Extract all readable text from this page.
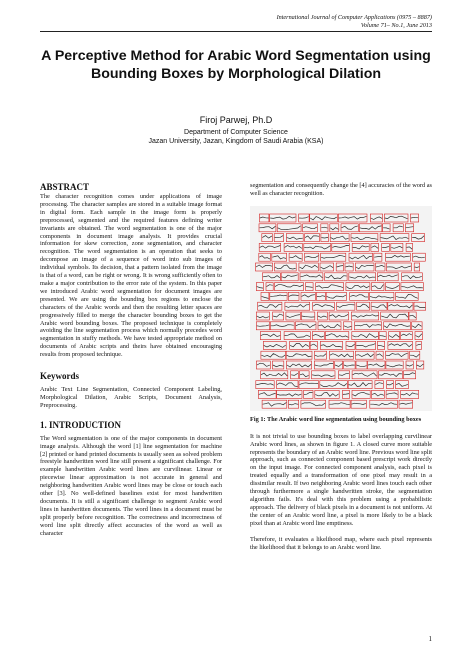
International Journal of Computer Applications (0975 – 8887)
Volume 71– No.1, June 2013
A Perceptive Method for Arabic Word Segmentation using Bounding Boxes by Morphological Dilation
Firoj Parwej, Ph.D
Department of Computer Science
Jazan University, Jazan, Kingdom of Saudi Arabia (KSA)
ABSTRACT

The character recognition comes under applications of image processing. The character samples are stored in a suitable image format in digital form. Each sample in the image form is properly preprocessed, segmented and the required features defining writer invariants are obtained. The word segmentation is one of the major components in document image analysis. It provides crucial information for skew correction, zone segmentation, and character recognition. The word segmentation is an operation that seeks to decompose an image of a sequence of word into sub images of individual symbols. Its decision, that a pattern isolated from the image is that of a word, can be right or wrong. It is wrong sufficiently often to make a major contribution to the error rate of the system. In this paper we introduced Arabic word segmentation for document images are presented. We are using the bounding box regions to enclose the characters of the Arabic words and then the resulting letter spaces are progressively filled to merge the character bounding boxes to get the Arabic word bounding boxes. The proposed technique is completely avoiding the line segmentation process which normally precedes word segmentation in stuffy methods. We have tested appropriate method on documents of Arabic scripts and theirs have obtained encouraging results from proposed technique.

Keywords

Arabic Text Line Segmentation, Connected Component Labeling, Morphological Dilation, Arabic Scripts, Document Analysis, Preprocessing.

1. INTRODUCTION

The Word segmentation is one of the major components in document image analysis. Although the word [1] line segmentation for machine [2] printed or hand printed documents is usually seen as solved problem freestyle handwritten word line still present a significant challenge. For example handwritten Arabic word lines are curvilinear. Linear or piecewise linear approximation is not accurate in general and neighboring handwritten Arabic word lines may be close or touch each other [3]. No well-defined baselines exist for most handwritten documents. It is still a significant challenge to segment Arabic word lines in handwritten documents. The word lines in a document must be split properly before recognition. The correctness and incorrectness of word line split directly affect accuracies of the word as well as character

segmentation and consequently change the [4] accuracies of the word as well as character recognition.

Fig 1: The Arabic word line segmentation using bounding boxes

It is not trivial to use bounding boxes to label overlapping curvilinear Arabic word lines, as shown in figure 1. A closed curve more suitable represents the boundary of an Arabic word line. Previous word line split approach, such as connected component based prescript work directly on the input image. For connected component analysis, each pixel is treated equally and a transformation of one pixel may result in a dissimilar result. If two neighboring Arabic word lines touch each other through furthermore a single handwritten stroke, the segmentation algorithm fails. It's deal with this problem using a probabilistic approach. The delivery of black pixels in a document is not uniform. At the center of an Arabic word line, a pixel is more likely to be a black pixel than at Arabic word line emptiness.

Therefore, it evaluates a likelihood map, where each pixel represents the likelihood that it belongs to an Arabic word line.

1
